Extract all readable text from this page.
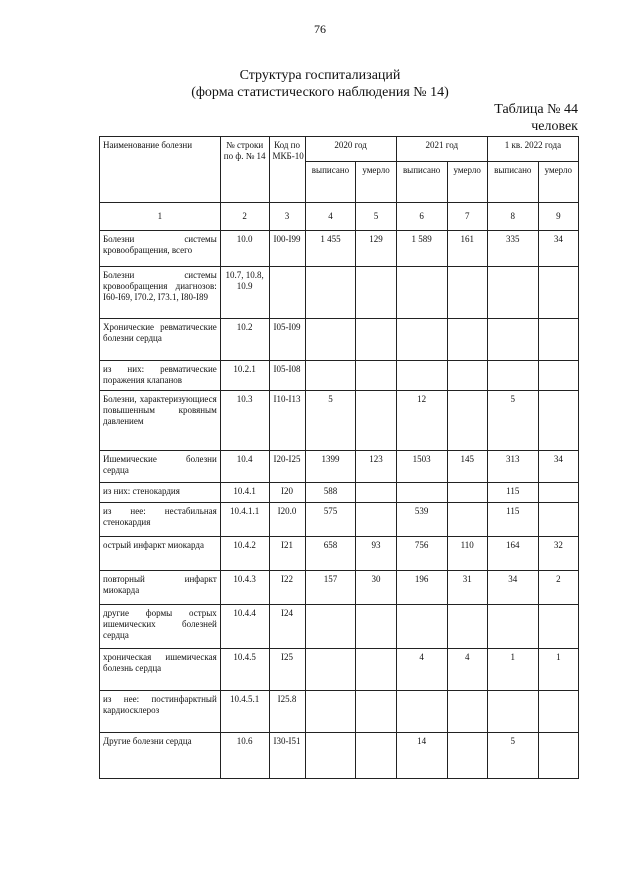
76
Структура госпитализаций
(форма статистического наблюдения № 14)
Таблица № 44
человек
Наименование болезни	№ строки по ф. № 14	Код по МКБ-10	2020 год		2021 год		1 кв. 2022 года	
			выписано	умерло	выписано	умерло	выписано	умерло
1	2	3	4	5	6	7	8	9
Болезни системы кровообращения, всего	10.0	I00-I99	1 455	129	1 589	161	335	34
Болезни системы кровообращения диагнозов: I60-I69, I70.2, I73.1, I80-I89	10.7, 10.8, 10.9							
Хронические ревматические болезни сердца	10.2	I05-I09						
из них: ревматические поражения клапанов	10.2.1	I05-I08						
Болезни, характеризующиеся повышенным кровяным давлением	10.3	I10-I13	5		12		5	
Ишемические болезни сердца	10.4	I20-I25	1399	123	1503	145	313	34
из них: стенокардия	10.4.1	I20	588				115	
из нее: нестабильная стенокардия	10.4.1.1	I20.0	575		539		115	
острый инфаркт миокарда	10.4.2	I21	658	93	756	110	164	32
повторный инфаркт миокарда	10.4.3	I22	157	30	196	31	34	2
другие формы острых ишемических болезней сердца	10.4.4	I24						
хроническая ишемическая болезнь сердца	10.4.5	I25			4	4	1	1
из нее: постинфарктный кардиосклероз	10.4.5.1	I25.8						
Другие болезни сердца	10.6	I30-I51			14		5	
